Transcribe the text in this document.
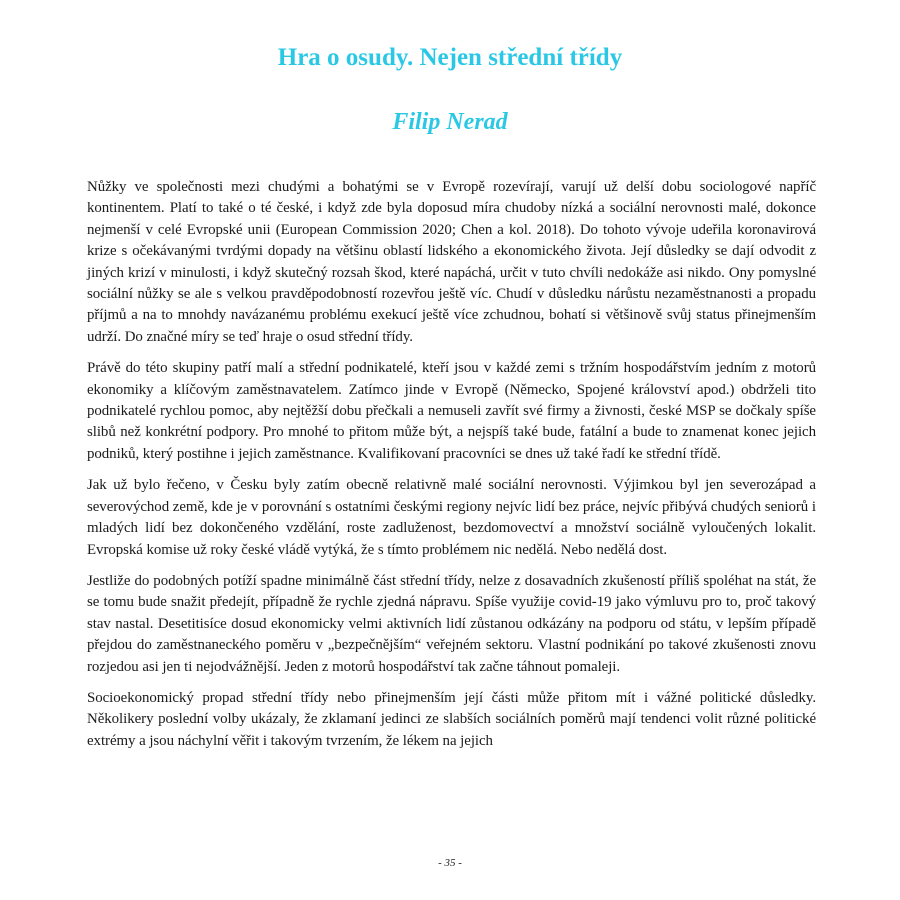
Hra o osudy. Nejen střední třídy
Filip Nerad

Nůžky ve společnosti mezi chudými a bohatými se v Evropě rozevírají, varují už delší dobu sociologové napříč kontinentem. Platí to také o té české, i když zde byla doposud míra chudoby nízká a sociální nerovnosti malé, dokonce nejmenší v celé Evropské unii (European Commission 2020; Chen a kol. 2018). Do tohoto vývoje udeřila koronavirová krize s očekávanými tvrdými dopady na většinu oblastí lidského a ekonomického života. Její důsledky se dají odvodit z jiných krizí v minulosti, i když skutečný rozsah škod, které napáchá, určit v tuto chvíli nedokáže asi nikdo. Ony pomyslné sociální nůžky se ale s velkou pravděpodobností rozevřou ještě víc. Chudí v důsledku nárůstu nezaměstnanosti a propadu příjmů a na to mnohdy navázanému problému exekucí ještě více zchudnou, bohatí si většinově svůj status přinejmenším udrží. Do značné míry se teď hraje o osud střední třídy.

Právě do této skupiny patří malí a střední podnikatelé, kteří jsou v každé zemi s tržním hospodářstvím jedním z motorů ekonomiky a klíčovým zaměstnavatelem. Zatímco jinde v Evropě (Německo, Spojené království apod.) obdrželi tito podnikatelé rychlou pomoc, aby nejtěžší dobu přečkali a nemuseli zavřít své firmy a živnosti, české MSP se dočkaly spíše slibů než konkrétní podpory. Pro mnohé to přitom může být, a nejspíš také bude, fatální a bude to znamenat konec jejich podniků, který postihne i jejich zaměstnance. Kvalifikovaní pracovníci se dnes už také řadí ke střední třídě.

Jak už bylo řečeno, v Česku byly zatím obecně relativně malé sociální nerovnosti. Výjimkou byl jen severozápad a severovýchod země, kde je v porovnání s ostatními českými regiony nejvíc lidí bez práce, nejvíc přibývá chudých seniorů i mladých lidí bez dokončeného vzdělání, roste zadluženost, bezdomovectví a množství sociálně vyloučených lokalit. Evropská komise už roky české vládě vytýká, že s tímto problémem nic nedělá. Nebo nedělá dost.

Jestliže do podobných potíží spadne minimálně část střední třídy, nelze z dosavadních zkušeností příliš spoléhat na stát, že se tomu bude snažit předejít, případně že rychle zjedná nápravu. Spíše využije covid-19 jako výmluvu pro to, proč takový stav nastal. Desetitisíce dosud ekonomicky velmi aktivních lidí zůstanou odkázány na podporu od státu, v lepším případě přejdou do zaměstnaneckého poměru v „bezpečnějším“ veřejném sektoru. Vlastní podnikání po takové zkušenosti znovu rozjedou asi jen ti nejodvážnější. Jeden z motorů hospodářství tak začne táhnout pomaleji.

Socioekonomický propad střední třídy nebo přinejmenším její části může přitom mít i vážné politické důsledky. Několikery poslední volby ukázaly, že zklamaní jedinci ze slabších sociálních poměrů mají tendenci volit různé politické extrémy a jsou náchylní věřit i takovým tvrzením, že lékem na jejich

- 35 -
